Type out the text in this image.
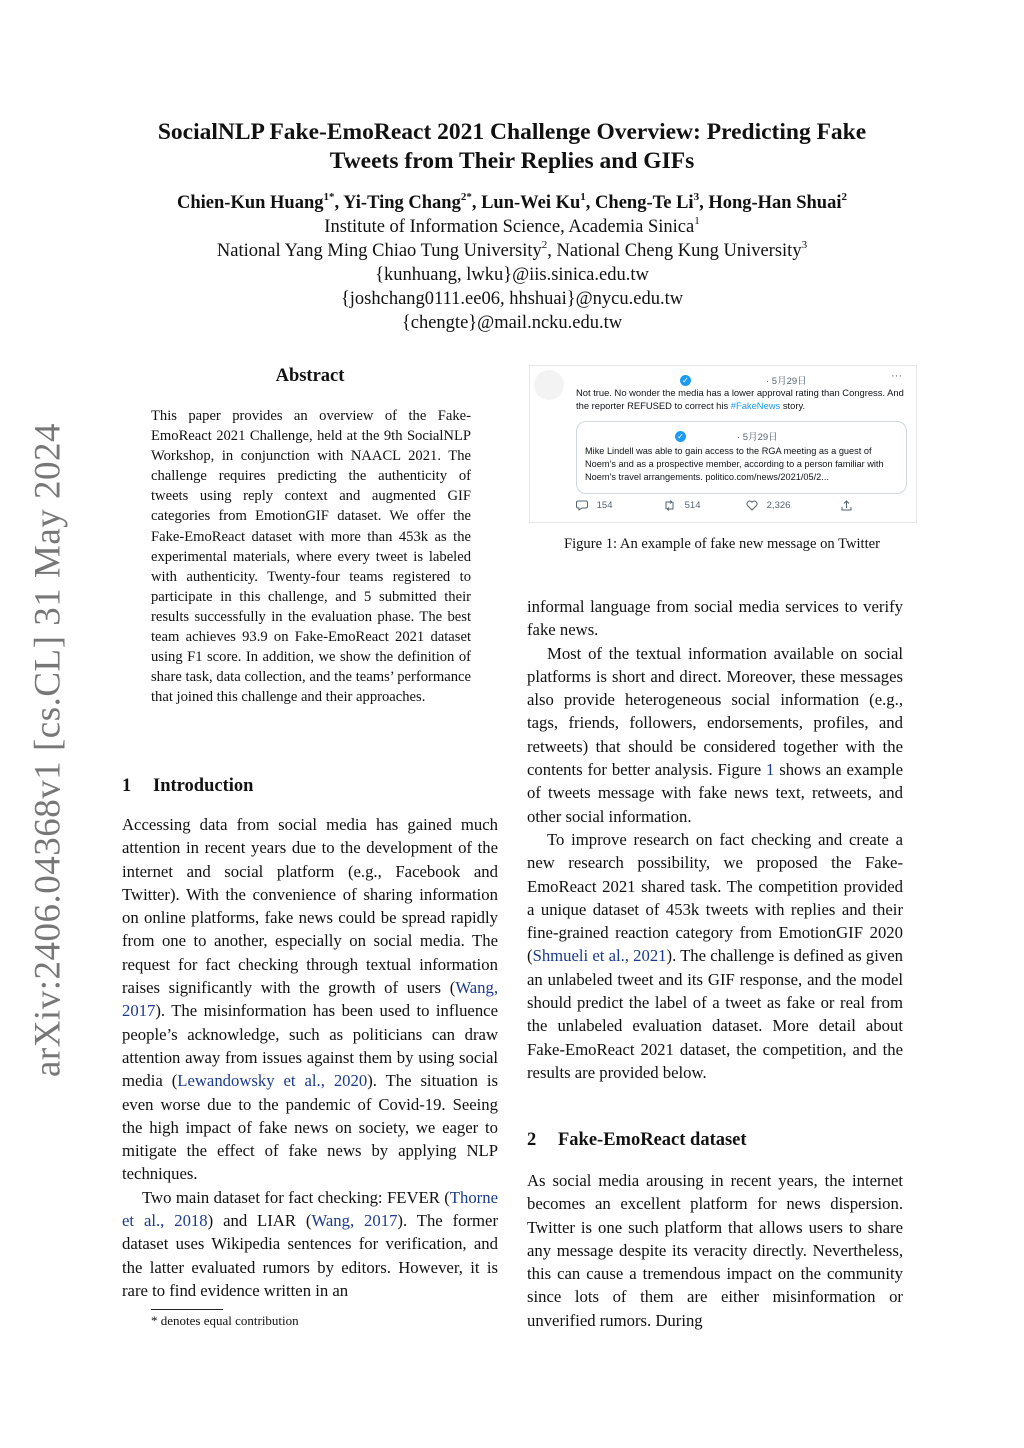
arXiv:2406.04368v1 [cs.CL] 31 May 2024
SocialNLP Fake-EmoReact 2021 Challenge Overview: Predicting Fake
Tweets from Their Replies and GIFs
Chien-Kun Huang$^{1*}$, Yi-Ting Chang$^{2*}$, Lun-Wei Ku$^1$, Cheng-Te Li$^3$, Hong-Han Shuai$^2$
Institute of Information Science, Academia Sinica$^1$
National Yang Ming Chiao Tung University$^2$, National Cheng Kung University$^3$
{kunhuang, lwku}@iis.sinica.edu.tw
{joshchang0111.ee06, hhshuai}@nycu.edu.tw
{chengte}@mail.ncku.edu.tw
Abstract
This paper provides an overview of the Fake-EmoReact 2021 Challenge, held at the 9th SocialNLP Workshop, in conjunction with NAACL 2021. The challenge requires predicting the authenticity of tweets using reply context and augmented GIF categories from EmotionGIF dataset. We offer the Fake-EmoReact dataset with more than 453k as the experimental materials, where every tweet is labeled with authenticity. Twenty-four teams registered to participate in this challenge, and 5 submitted their results successfully in the evaluation phase. The best team achieves 93.9 on Fake-EmoReact 2021 dataset using F1 score. In addition, we show the definition of share task, data collection, and the teams’ performance that joined this challenge and their approaches.
1 Introduction

Accessing data from social media has gained much attention in recent years due to the development of the internet and social platform (e.g., Facebook and Twitter). With the convenience of sharing information on online platforms, fake news could be spread rapidly from one to another, especially on social media. The request for fact checking through textual information raises significantly with the growth of users (Wang, 2017). The misinformation has been used to influence people’s acknowledge, such as politicians can draw attention away from issues against them by using social media (Lewandowsky et al., 2020). The situation is even worse due to the pandemic of Covid-19. Seeing the high impact of fake news on society, we eager to mitigate the effect of fake news by applying NLP techniques.

Two main dataset for fact checking: FEVER (Thorne et al., 2018) and LIAR (Wang, 2017). The former dataset uses Wikipedia sentences for verification, and the latter evaluated rumors by editors. However, it is rare to find evidence written in an

* denotes equal contribution
✓	· 5月29日	···
Not true. No wonder the media has a lower approval rating than Congress. And the reporter REFUSED to correct his #FakeNews story.
✓	· 5月29日
Mike Lindell was able to gain access to the RGA meeting as a guest of Noem’s and as a prospective member, according to a person familiar with Noem’s travel arrangements. politico.com/news/2021/05/2...
154	514	2,326
Figure 1: An example of fake new message on Twitter

informal language from social media services to verify fake news.

Most of the textual information available on social platforms is short and direct. Moreover, these messages also provide heterogeneous social information (e.g., tags, friends, followers, endorsements, profiles, and retweets) that should be considered together with the contents for better analysis. Figure 1 shows an example of tweets message with fake news text, retweets, and other social information.

To improve research on fact checking and create a new research possibility, we proposed the Fake-EmoReact 2021 shared task. The competition provided a unique dataset of 453k tweets with replies and their fine-grained reaction category from EmotionGIF 2020 (Shmueli et al., 2021). The challenge is defined as given an unlabeled tweet and its GIF response, and the model should predict the label of a tweet as fake or real from the unlabeled evaluation dataset. More detail about Fake-EmoReact 2021 dataset, the competition, and the results are provided below.

2 Fake-EmoReact dataset

As social media arousing in recent years, the internet becomes an excellent platform for news dispersion. Twitter is one such platform that allows users to share any message despite its veracity directly. Nevertheless, this can cause a tremendous impact on the community since lots of them are either misinformation or unverified rumors. During
